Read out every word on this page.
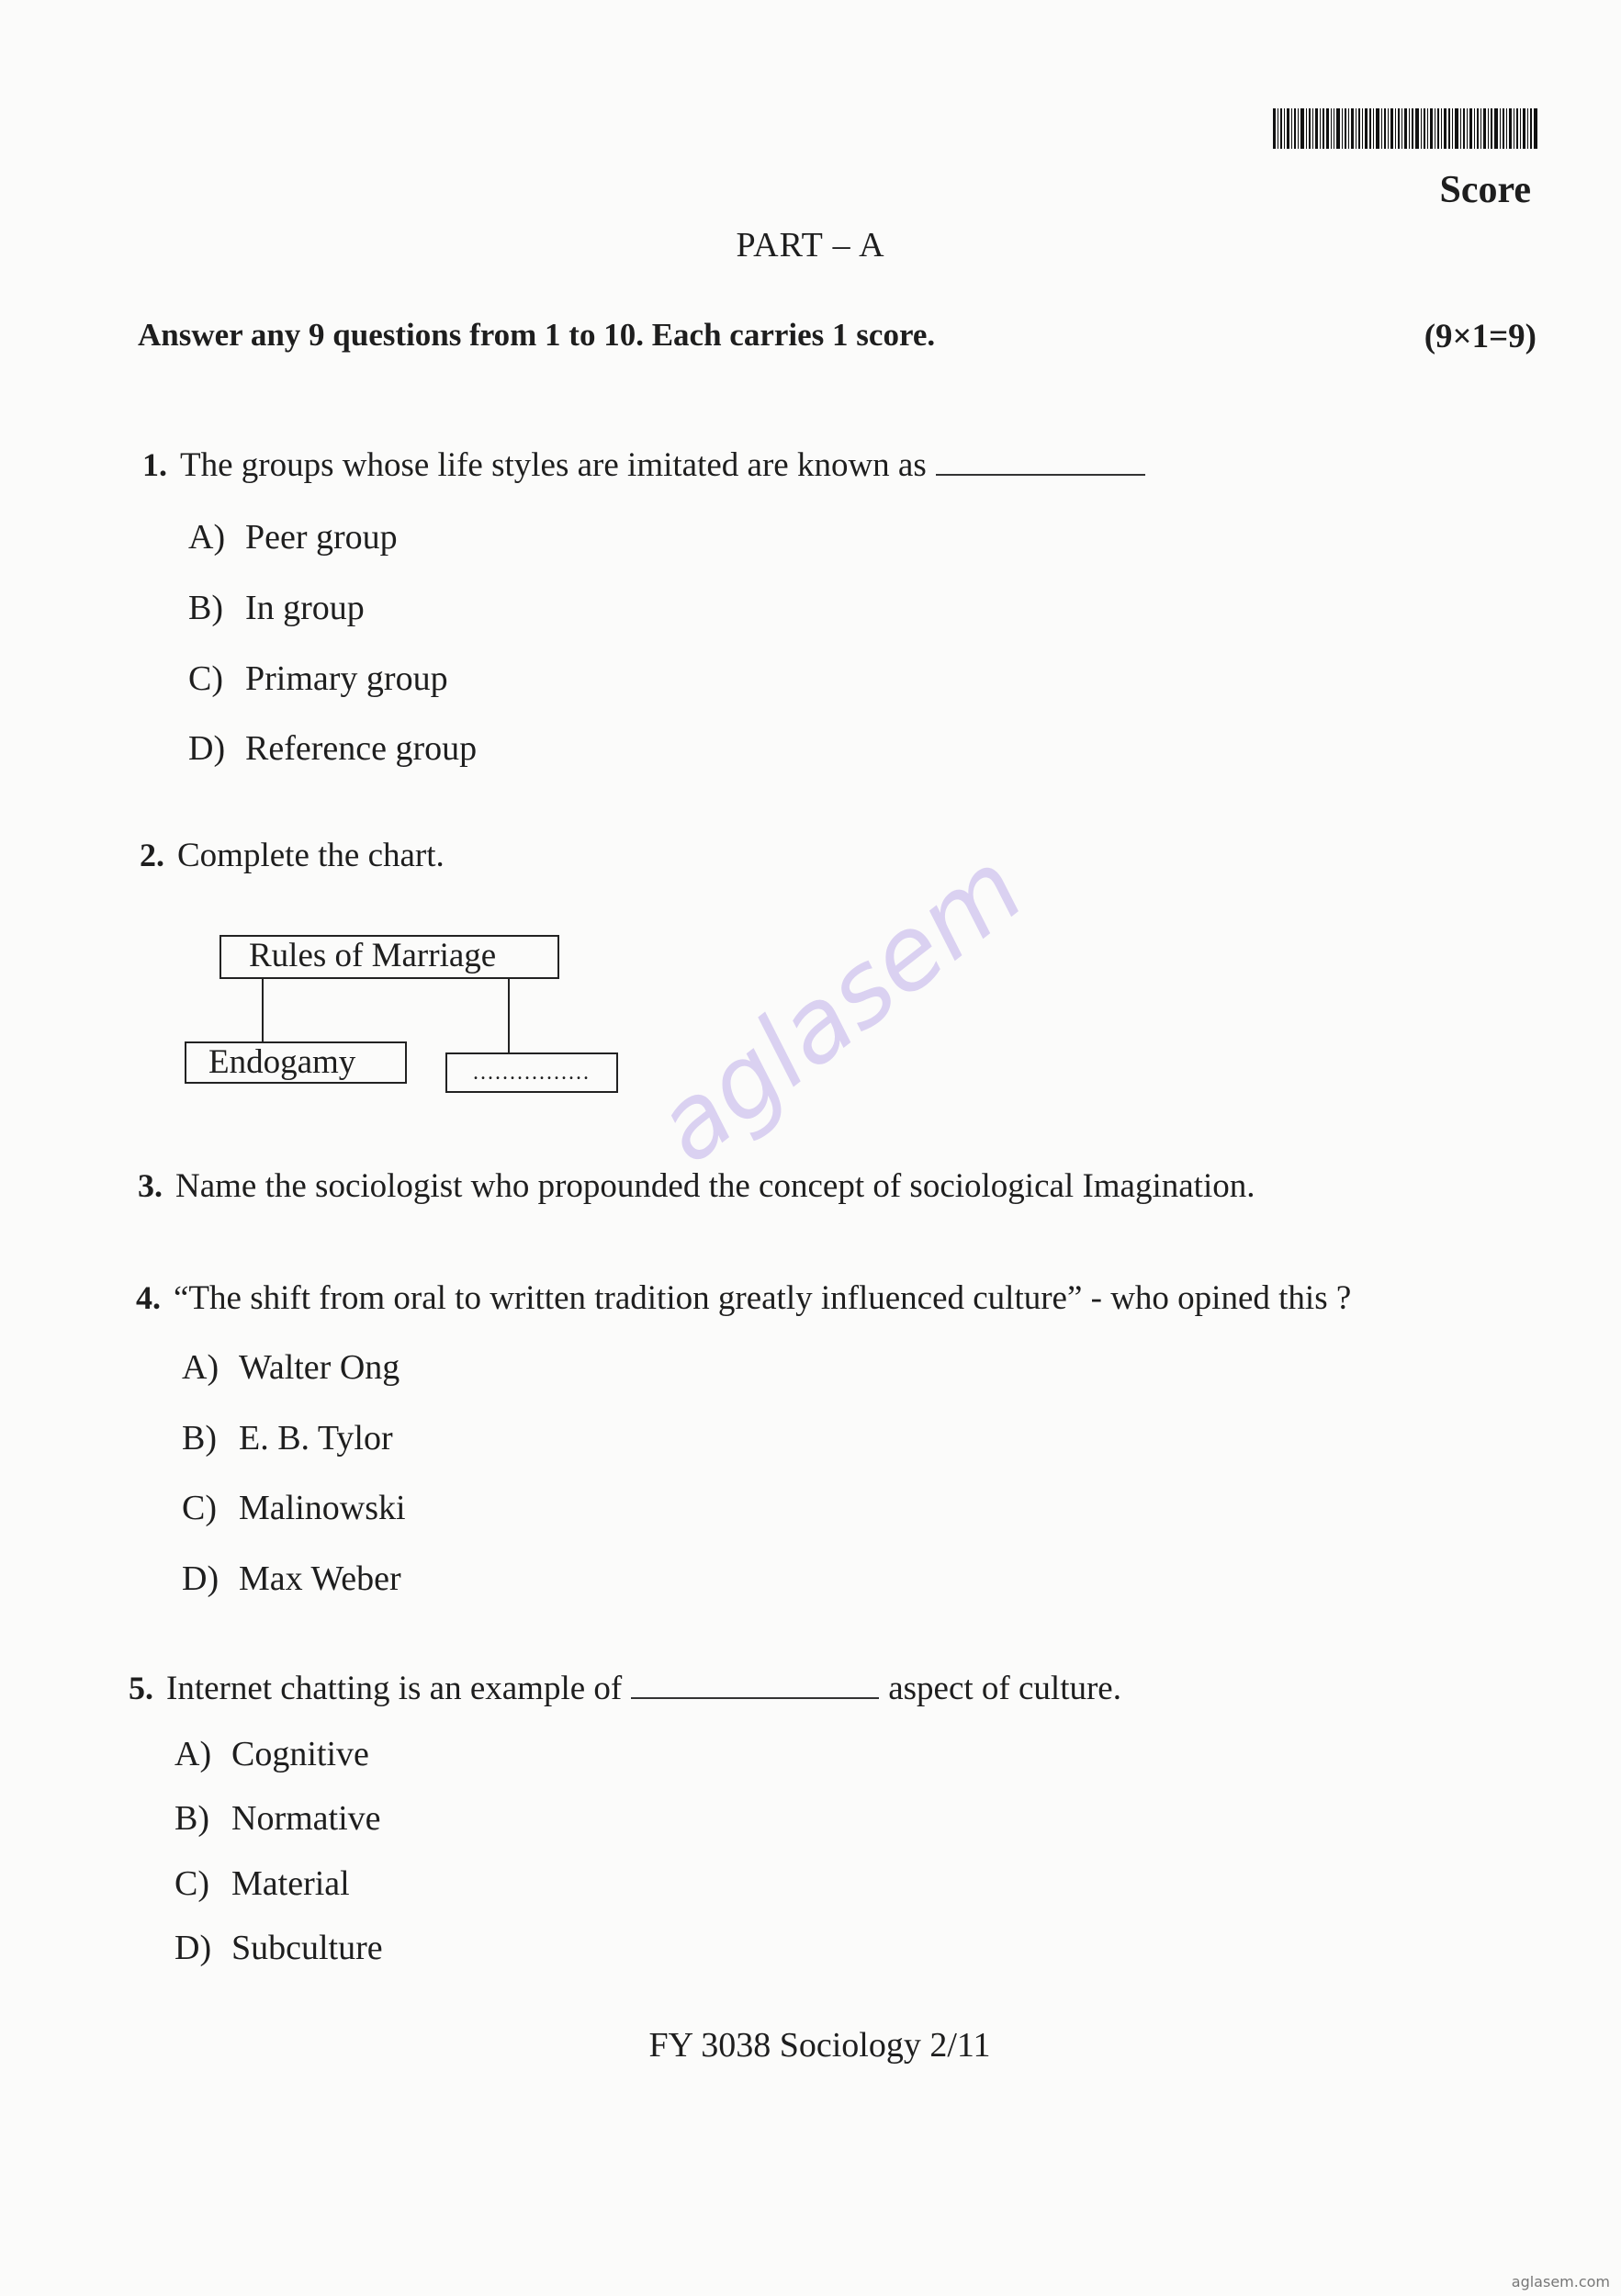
Score
PART – A
Answer any 9 questions from 1 to 10. Each carries 1 score.	(9×1=9)
1. The groups whose life styles are imitated are known as
A) Peer group
B) In group
C) Primary group
D) Reference group
2. Complete the chart.
Rules of Marriage
Endogamy	................
3. Name the sociologist who propounded the concept of sociological Imagination.
4. “The shift from oral to written tradition greatly influenced culture” - who opined this ?
A) Walter Ong
B) E. B. Tylor
C) Malinowski
D) Max Weber
5. Internet chatting is an example of	aspect of culture.
A) Cognitive
B) Normative
C) Material
D) Subculture
aglasem
FY 3038 Sociology 2/11
aglasem.com
